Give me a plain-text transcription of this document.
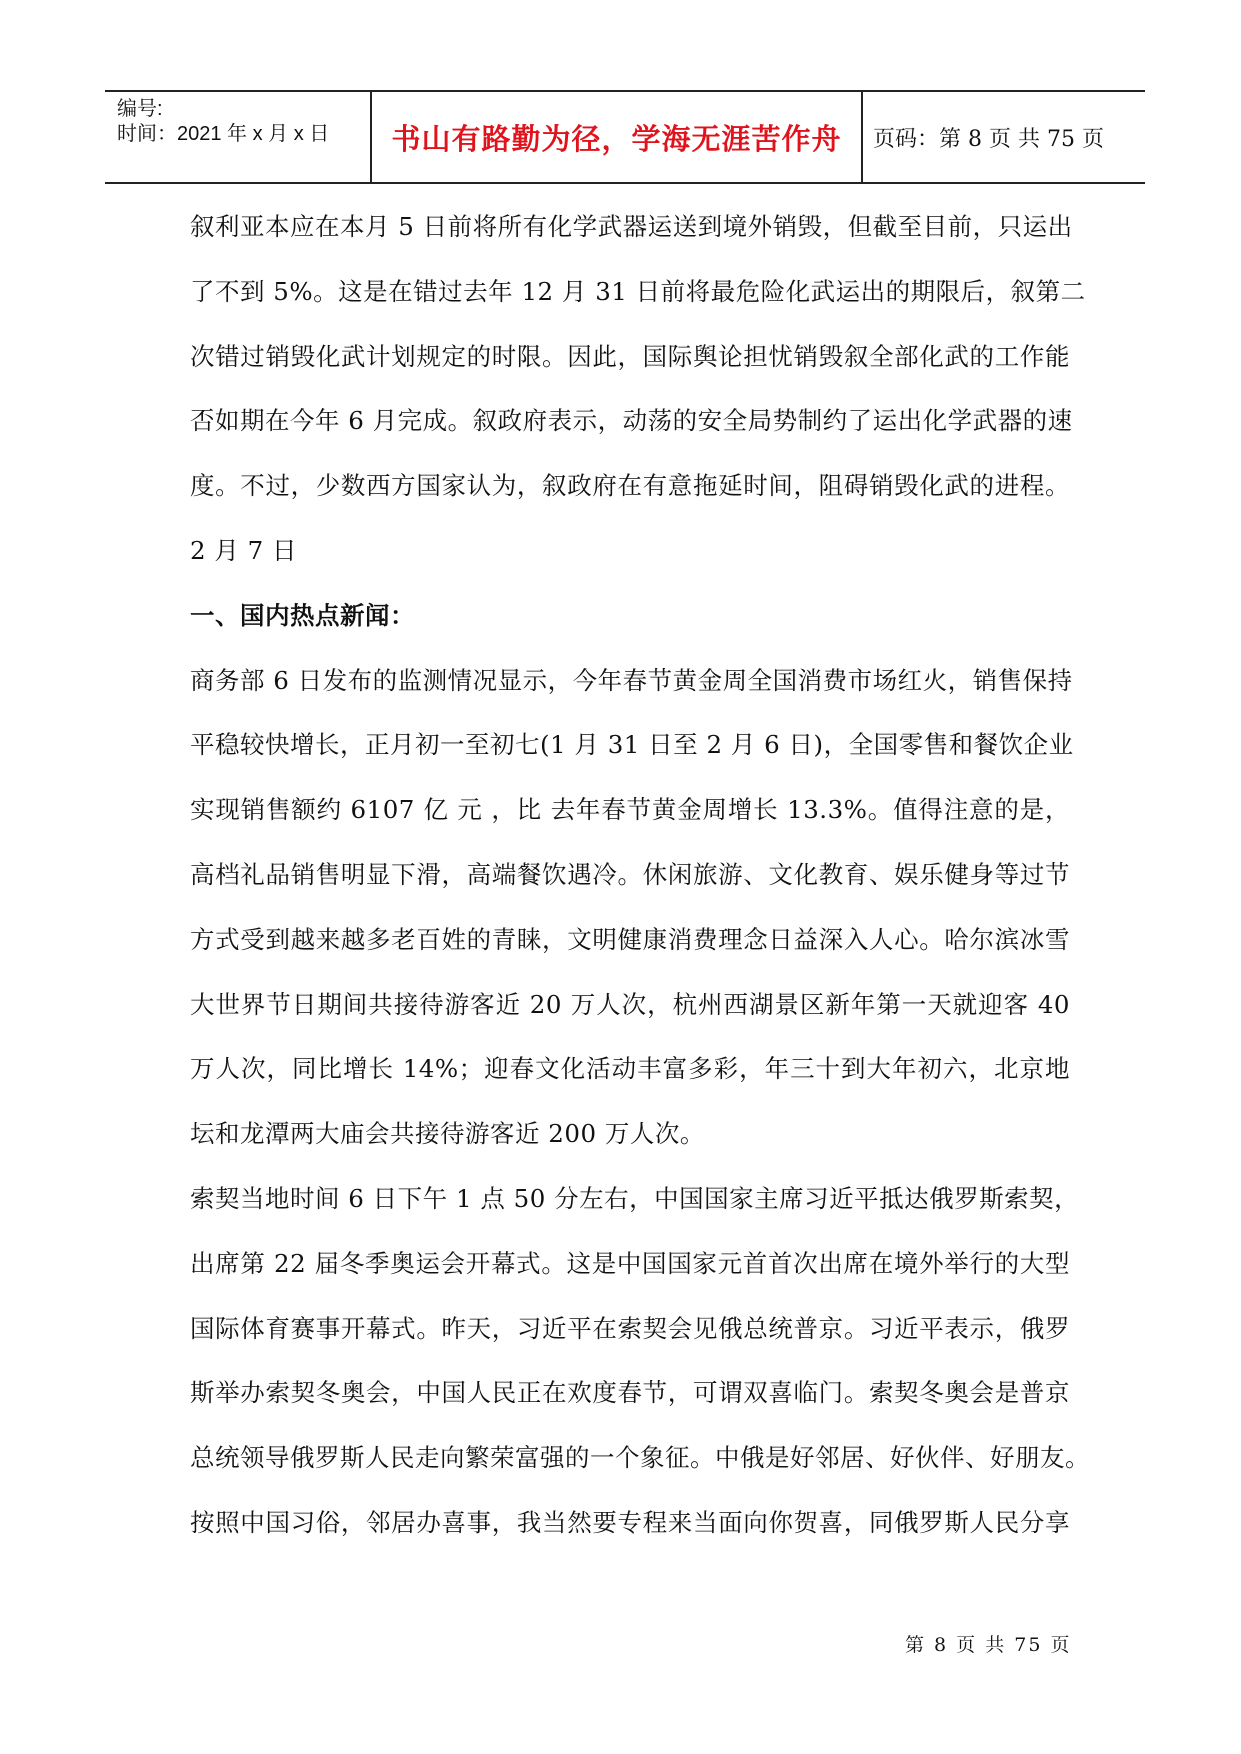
编号:
时间：2021 年 x 月 x 日	书山有路勤为径，学海无涯苦作舟	页码：第 8 页 共 75 页
叙利亚本应在本月 5 日前将所有化学武器运送到境外销毁，但截至目前，只运出
了不到 5%。这是在错过去年 12 月 31 日前将最危险化武运出的期限后，叙第二
次错过销毁化武计划规定的时限。因此，国际舆论担忧销毁叙全部化武的工作能
否如期在今年 6 月完成。叙政府表示，动荡的安全局势制约了运出化学武器的速
度。不过，少数西方国家认为，叙政府在有意拖延时间，阻碍销毁化武的进程。
2 月 7 日
一、国内热点新闻：
商务部 6 日发布的监测情况显示，今年春节黄金周全国消费市场红火，销售保持
平稳较快增长，正月初一至初七(1 月 31 日至 2 月 6 日)，全国零售和餐饮企业
实现销售额约 6107 亿 元 ，比 去年春节黄金周增长 13.3%。值得注意的是，
高档礼品销售明显下滑，高端餐饮遇冷。休闲旅游、文化教育、娱乐健身等过节
方式受到越来越多老百姓的青睐，文明健康消费理念日益深入人心。哈尔滨冰雪
大世界节日期间共接待游客近 20 万人次，杭州西湖景区新年第一天就迎客 40
万人次，同比增长 14%；迎春文化活动丰富多彩，年三十到大年初六，北京地
坛和龙潭两大庙会共接待游客近 200 万人次。
索契当地时间 6 日下午 1 点 50 分左右，中国国家主席习近平抵达俄罗斯索契，
出席第 22 届冬季奥运会开幕式。这是中国国家元首首次出席在境外举行的大型
国际体育赛事开幕式。昨天，习近平在索契会见俄总统普京。习近平表示，俄罗
斯举办索契冬奥会，中国人民正在欢度春节，可谓双喜临门。索契冬奥会是普京
总统领导俄罗斯人民走向繁荣富强的一个象征。中俄是好邻居、好伙伴、好朋友。
按照中国习俗，邻居办喜事，我当然要专程来当面向你贺喜，同俄罗斯人民分享
第 8 页 共 75 页
